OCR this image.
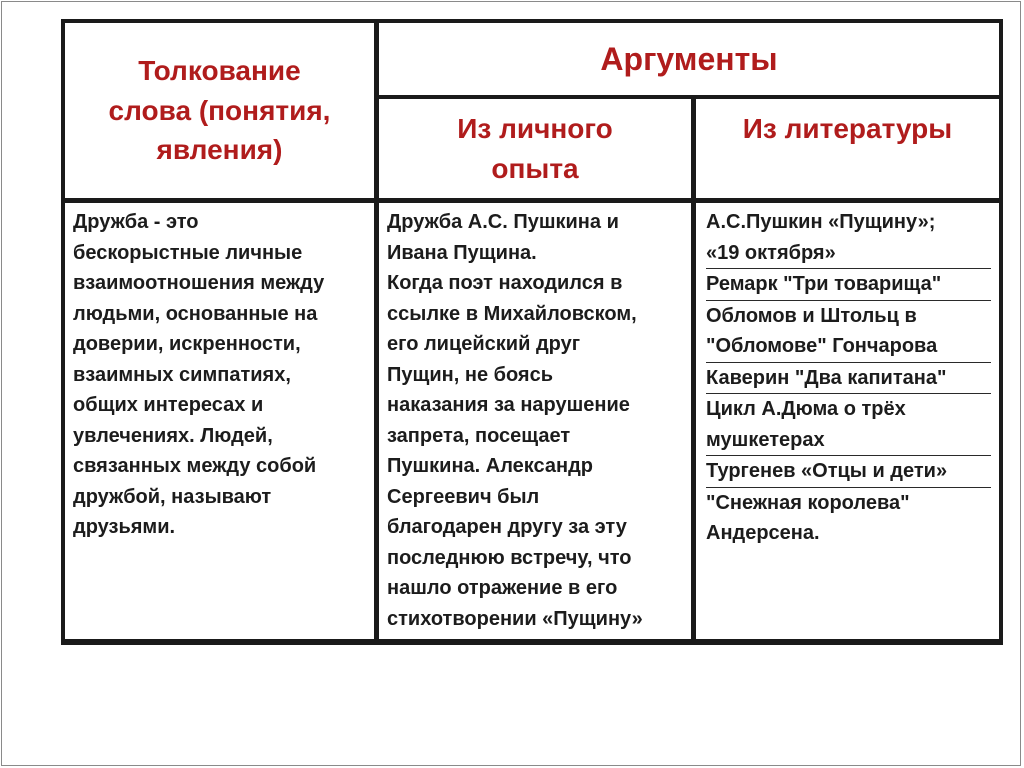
Толкование
слова (понятия,
явления)
Аргументы
Из личного
опыта
Из литературы
Дружба - это
бескорыстные личные
взаимоотношения между
людьми, основанные на
доверии, искренности,
взаимных симпатиях,
общих интересах и
увлечениях. Людей,
связанных между собой
дружбой, называют
друзьями.
Дружба А.С. Пушкина и
Ивана Пущина.
Когда поэт находился в
ссылке в Михайловском,
его лицейский друг
Пущин, не боясь
наказания за нарушение
запрета, посещает
Пушкина. Александр
Сергеевич был
благодарен другу за эту
последнюю встречу, что
нашло отражение в его
стихотворении «Пущину»
А.С.Пушкин «Пущину»;
«19 октября»
Ремарк "Три товарища"
Обломов и Штольц в
"Обломове" Гончарова
Каверин "Два капитана"
Цикл А.Дюма о трёх
мушкетерах
Тургенев «Отцы и дети»
"Снежная королева"
Андерсена.
